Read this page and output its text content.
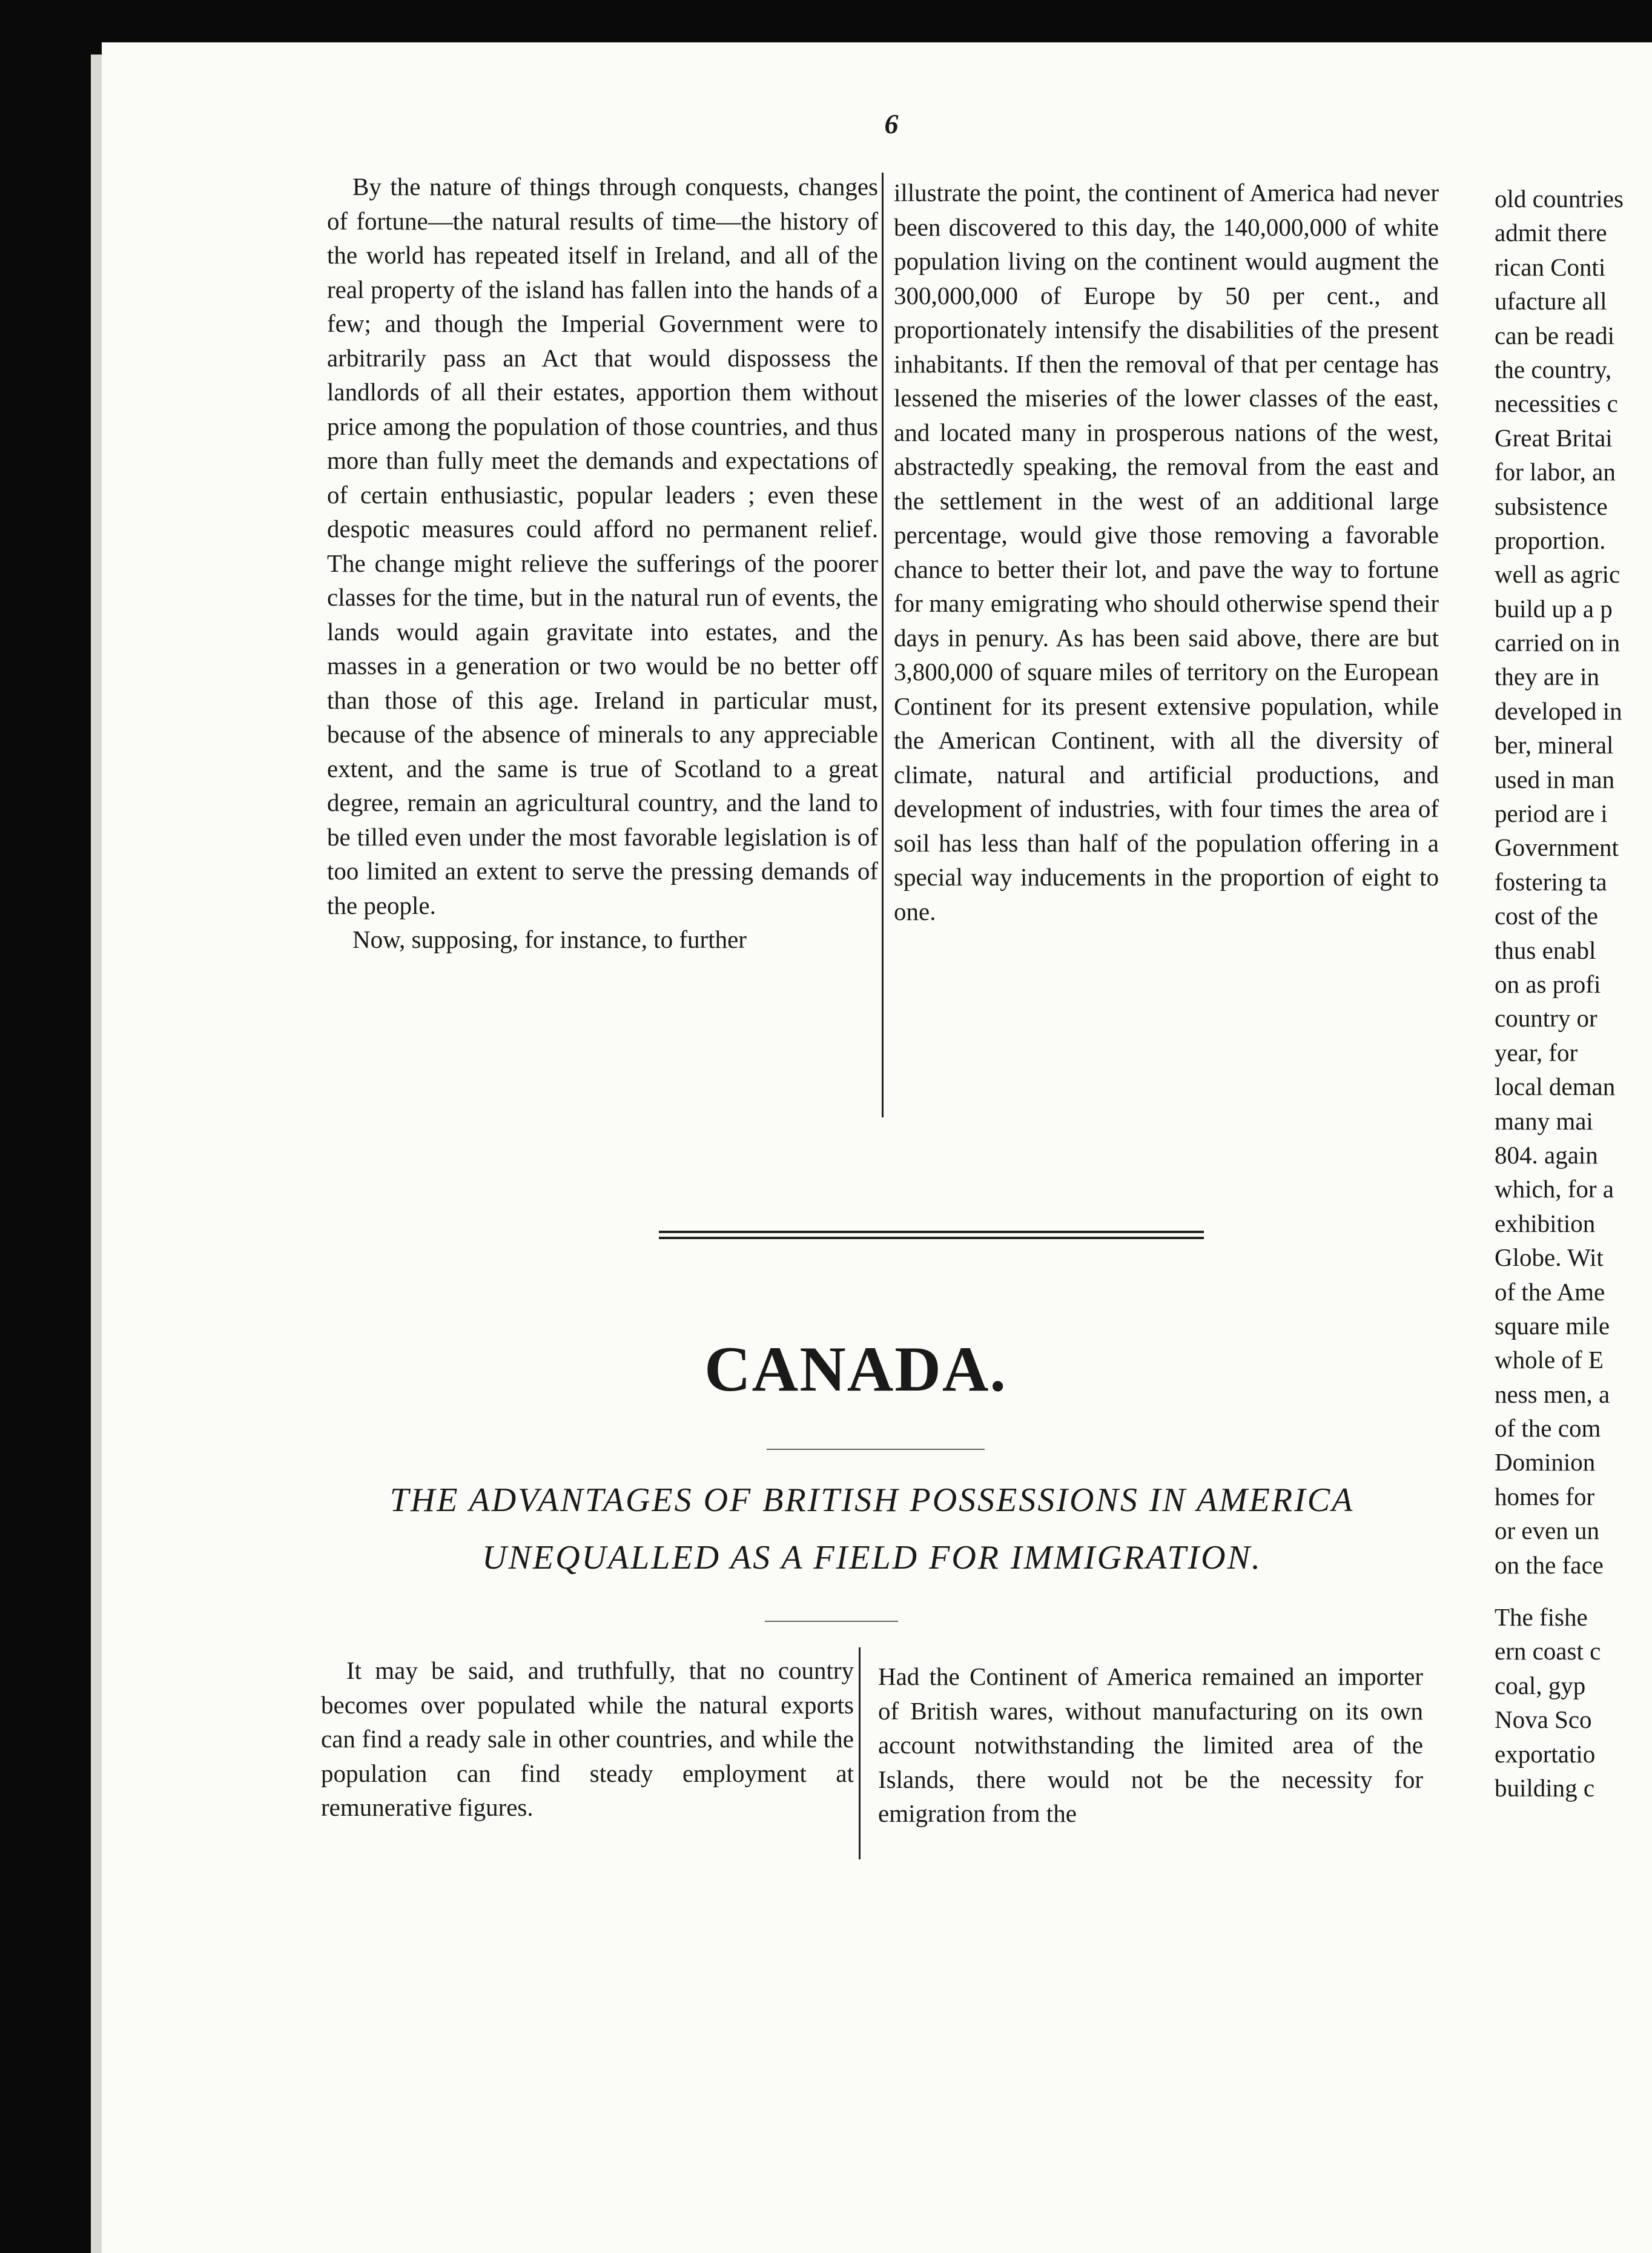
6

By the nature of things through conquests, changes of fortune—the natural results of time—the history of the world has repeated itself in Ireland, and all of the real property of the island has fallen into the hands of a few; and though the Imperial Government were to arbitrarily pass an Act that would dispossess the landlords of all their estates, apportion them without price among the population of those countries, and thus more than fully meet the demands and expectations of of certain enthusiastic, popular leaders ; even these despotic measures could afford no permanent relief. The change might relieve the sufferings of the poorer classes for the time, but in the natural run of events, the lands would again gravitate into estates, and the masses in a generation or two would be no better off than those of this age. Ireland in particular must, because of the absence of minerals to any appreciable extent, and the same is true of Scotland to a great degree, remain an agricultural country, and the land to be tilled even under the most favorable legislation is of too limited an extent to serve the pressing demands of the people.

Now, supposing, for instance, to further

illustrate the point, the continent of America had never been discovered to this day, the 140,000,000 of white population living on the continent would augment the 300,000,000 of Europe by 50 per cent., and proportionately intensify the disabilities of the present inhabitants. If then the removal of that per centage has lessened the miseries of the lower classes of the east, and located many in prosperous nations of the west, abstractedly speaking, the removal from the east and the settlement in the west of an additional large percentage, would give those removing a favorable chance to better their lot, and pave the way to fortune for many emigrating who should otherwise spend their days in penury. As has been said above, there are but 3,800,000 of square miles of territory on the European Continent for its present extensive population, while the American Continent, with all the diversity of climate, natural and artificial productions, and development of industries, with four times the area of soil has less than half of the population offering in a special way inducements in the proportion of eight to one.

CANADA.
THE ADVANTAGES OF BRITISH POSSESSIONS IN AMERICA
UNEQUALLED AS A FIELD FOR IMMIGRATION.

It may be said, and truthfully, that no country becomes over populated while the natural exports can find a ready sale in other countries, and while the population can find steady employment at remunerative figures.

Had the Continent of America remained an importer of British wares, without manufacturing on its own account notwithstanding the limited area of the Islands, there would not be the necessity for emigration from the

old countries
admit there
rican Conti
ufacture all
can be readi
the country,
necessities c
Great Britai
for labor, an
subsistence
proportion.
well as agric
build up a p
carried on in
they are in
developed in
ber, mineral
used in man
period are i
Government
fostering ta
cost of the
thus enabl
on as profi
country or
year, for
local deman
many mai
804. again
which, for a
exhibition
Globe. Wit
of the Ame
square mile
whole of E
ness men, a
of the com
Dominion
homes for
or even un
on the face
The fishe
ern coast c
coal, gyp
Nova Sco
exportatio
building c
